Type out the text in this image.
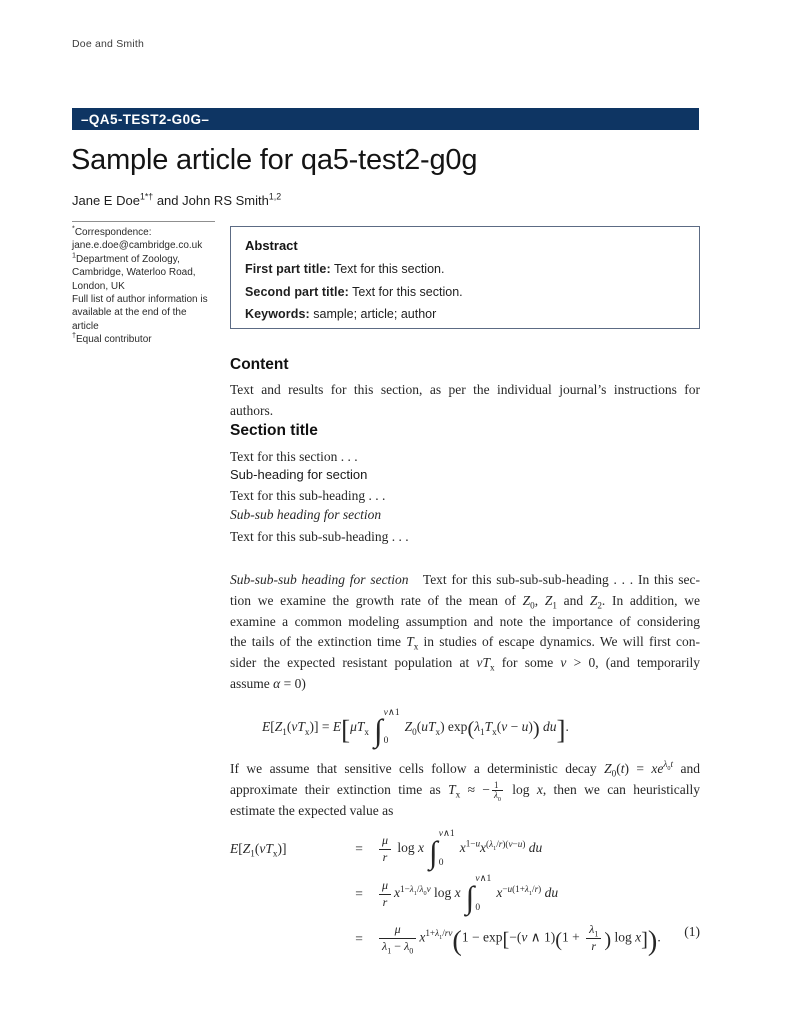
Doe and Smith
–QA5-TEST2-G0G–
Sample article for qa5-test2-g0g
Jane E Doe$^{1*\dagger}$ and John RS Smith$^{1,2}$
*Correspondence:
jane.e.doe@cambridge.co.uk
$^1$Department of Zoology,
Cambridge, Waterloo Road,
London, UK
Full list of author information is
available at the end of the article
†Equal contributor
Abstract
First part title: Text for this section.
Second part title: Text for this section.
Keywords: sample; article; author
Content
Text and results for this section, as per the individual journal’s instructions for
authors.
Section title

Text for this section . . .

Sub-heading for section

Text for this sub-heading . . .

Sub-sub heading for section

Text for this sub-sub-heading . . .

Sub-sub-sub heading for section   Text for this sub-sub-sub-heading . . . In this sec-
tion we examine the growth rate of the mean of $Z_0$, $Z_1$ and $Z_2$. In addition, we
examine a common modeling assumption and note the importance of considering
the tails of the extinction time $T_x$ in studies of escape dynamics. We will first con-
sider the expected resistant population at $vT_x$ for some v > 0, (and temporarily
assume α = 0)
$E[Z_1(vT_x)] = E[\mu T_x$ ∫
v∧1
0
$Z_0(uT_x) \exp(\lambda_1T_x(v - u))$ du].
If we assume that sensitive cells follow a deterministic decay $Z_0(t) = xe^{\lambda_0t}$ and
approximate their extinction time as $T_x$ ≈ − $\frac{1}{\lambda_0}$ log x, then we can heuristically
estimate the expected value as
$E[Z_1(vT_x)]$	=	$\frac{\mu}{r}$ log x ∫
v∧1
0
$x^{1-u}x^{(\lambda_1/r)(v-u)}$ du
=	$\frac{\mu}{r} x^{1-\lambda_1/\lambda_0v}$ log x ∫
v∧1
0
$x^{-u(1+\lambda_1/r)}$ du
=	$\frac{\mu}{\lambda_1 - \lambda_0} x^{1+\lambda_1/rv}(1 - \exp[-(v$ ∧ $1)(1 + \frac{\lambda_1}{r}$ ) log x]).	(1)
